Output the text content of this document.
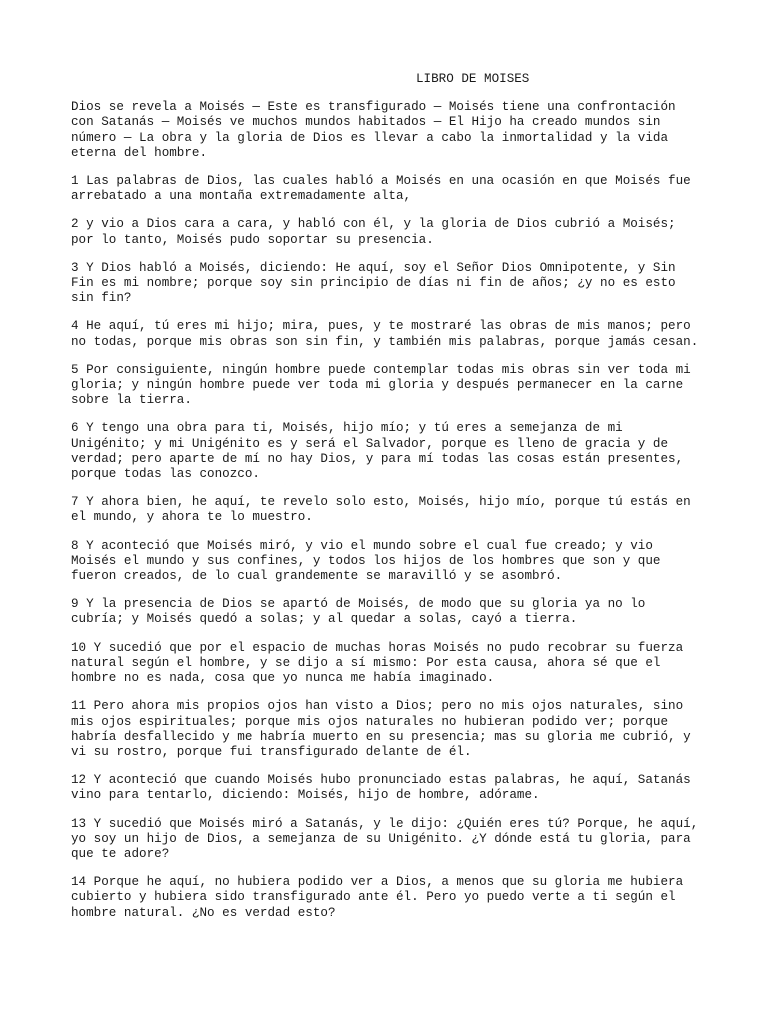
LIBRO DE MOISES

Dios se revela a Moisés — Este es transfigurado — Moisés tiene una confrontación
con Satanás — Moisés ve muchos mundos habitados — El Hijo ha creado mundos sin
número — La obra y la gloria de Dios es llevar a cabo la inmortalidad y la vida
eterna del hombre.

1 Las palabras de Dios, las cuales habló a Moisés en una ocasión en que Moisés fue
arrebatado a una montaña extremadamente alta,

2 y vio a Dios cara a cara, y habló con él, y la gloria de Dios cubrió a Moisés;
por lo tanto, Moisés pudo soportar su presencia.

3 Y Dios habló a Moisés, diciendo: He aquí, soy el Señor Dios Omnipotente, y Sin
Fin es mi nombre; porque soy sin principio de días ni fin de años; ¿y no es esto
sin fin?

4 He aquí, tú eres mi hijo; mira, pues, y te mostraré las obras de mis manos; pero
no todas, porque mis obras son sin fin, y también mis palabras, porque jamás cesan.

5 Por consiguiente, ningún hombre puede contemplar todas mis obras sin ver toda mi
gloria; y ningún hombre puede ver toda mi gloria y después permanecer en la carne
sobre la tierra.

6 Y tengo una obra para ti, Moisés, hijo mío; y tú eres a semejanza de mi
Unigénito; y mi Unigénito es y será el Salvador, porque es lleno de gracia y de
verdad; pero aparte de mí no hay Dios, y para mí todas las cosas están presentes,
porque todas las conozco.

7 Y ahora bien, he aquí, te revelo solo esto, Moisés, hijo mío, porque tú estás en
el mundo, y ahora te lo muestro.

8 Y aconteció que Moisés miró, y vio el mundo sobre el cual fue creado; y vio
Moisés el mundo y sus confines, y todos los hijos de los hombres que son y que
fueron creados, de lo cual grandemente se maravilló y se asombró.

9 Y la presencia de Dios se apartó de Moisés, de modo que su gloria ya no lo
cubría; y Moisés quedó a solas; y al quedar a solas, cayó a tierra.

10 Y sucedió que por el espacio de muchas horas Moisés no pudo recobrar su fuerza
natural según el hombre, y se dijo a sí mismo: Por esta causa, ahora sé que el
hombre no es nada, cosa que yo nunca me había imaginado.

11 Pero ahora mis propios ojos han visto a Dios; pero no mis ojos naturales, sino
mis ojos espirituales; porque mis ojos naturales no hubieran podido ver; porque
habría desfallecido y me habría muerto en su presencia; mas su gloria me cubrió, y
vi su rostro, porque fui transfigurado delante de él.

12 Y aconteció que cuando Moisés hubo pronunciado estas palabras, he aquí, Satanás
vino para tentarlo, diciendo: Moisés, hijo de hombre, adórame.

13 Y sucedió que Moisés miró a Satanás, y le dijo: ¿Quién eres tú? Porque, he aquí,
yo soy un hijo de Dios, a semejanza de su Unigénito. ¿Y dónde está tu gloria, para
que te adore?

14 Porque he aquí, no hubiera podido ver a Dios, a menos que su gloria me hubiera
cubierto y hubiera sido transfigurado ante él. Pero yo puedo verte a ti según el
hombre natural. ¿No es verdad esto?
